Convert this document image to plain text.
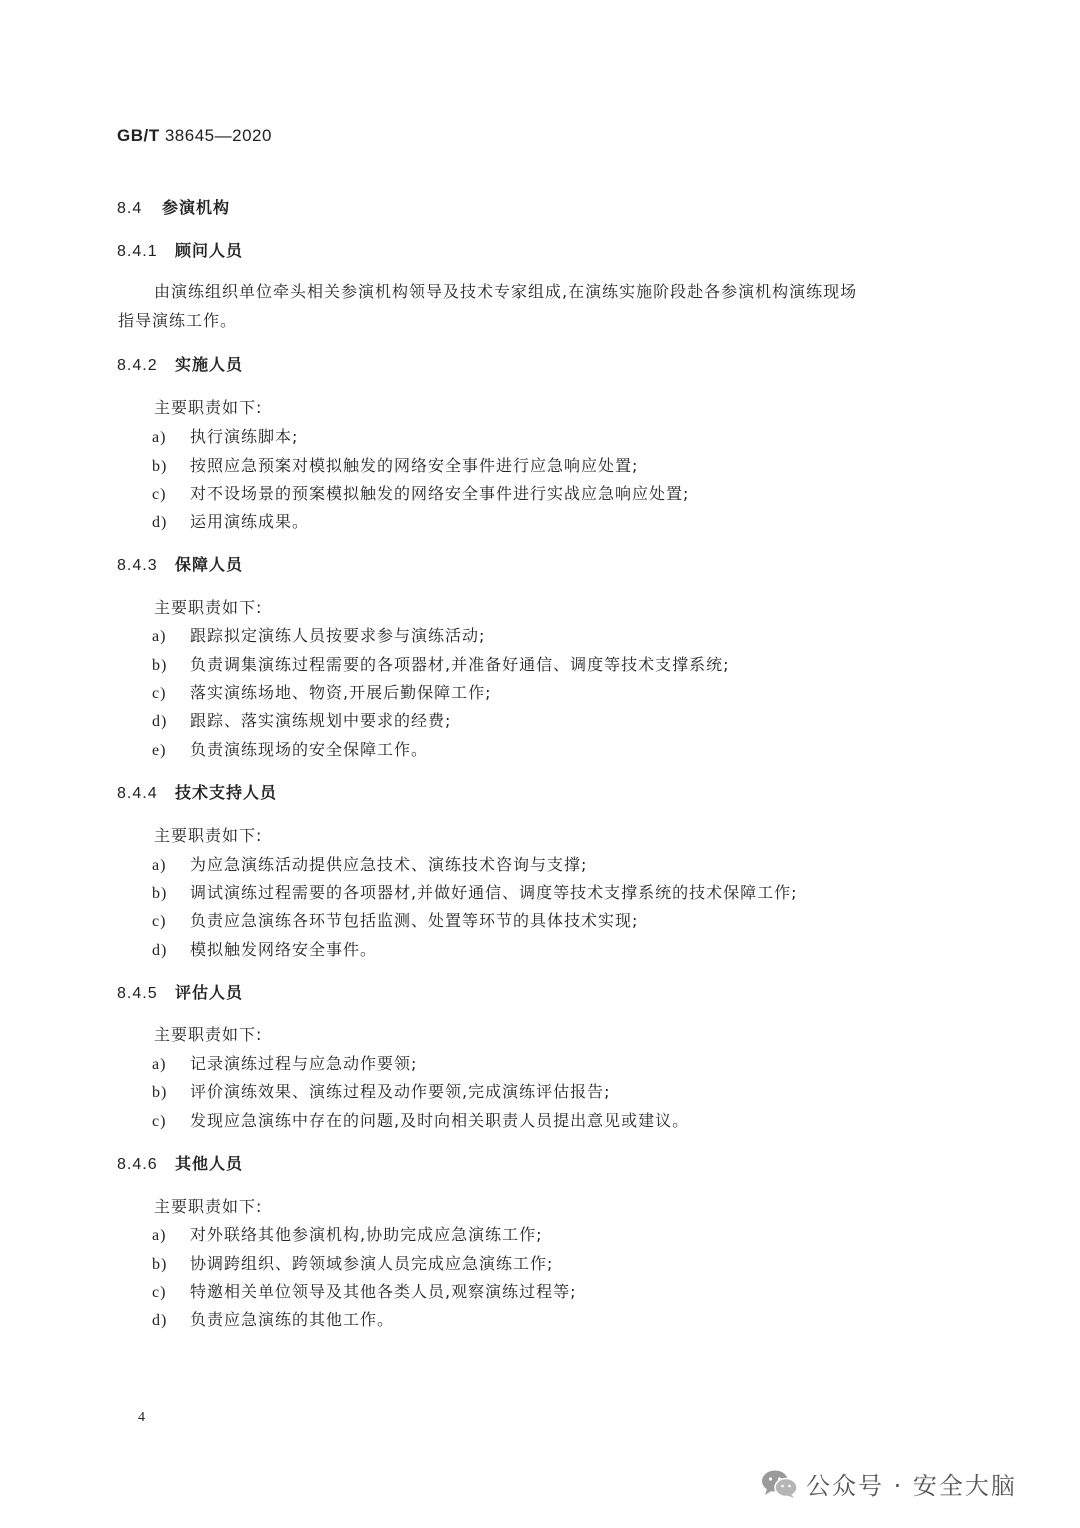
GB/T 38645—2020
8.4 参演机构
8.4.1 顾问人员
由演练组织单位牵头相关参演机构领导及技术专家组成,在演练实施阶段赴各参演机构演练现场
指导演练工作。
8.4.2 实施人员
主要职责如下:
a) 执行演练脚本;
b) 按照应急预案对模拟触发的网络安全事件进行应急响应处置;
c) 对不设场景的预案模拟触发的网络安全事件进行实战应急响应处置;
d) 运用演练成果。
8.4.3 保障人员
主要职责如下:
a) 跟踪拟定演练人员按要求参与演练活动;
b) 负责调集演练过程需要的各项器材,并准备好通信、调度等技术支撑系统;
c) 落实演练场地、物资,开展后勤保障工作;
d) 跟踪、落实演练规划中要求的经费;
e) 负责演练现场的安全保障工作。
8.4.4 技术支持人员
主要职责如下:
a) 为应急演练活动提供应急技术、演练技术咨询与支撑;
b) 调试演练过程需要的各项器材,并做好通信、调度等技术支撑系统的技术保障工作;
c) 负责应急演练各环节包括监测、处置等环节的具体技术实现;
d) 模拟触发网络安全事件。
8.4.5 评估人员
主要职责如下:
a) 记录演练过程与应急动作要领;
b) 评价演练效果、演练过程及动作要领,完成演练评估报告;
c) 发现应急演练中存在的问题,及时向相关职责人员提出意见或建议。
8.4.6 其他人员
主要职责如下:
a) 对外联络其他参演机构,协助完成应急演练工作;
b) 协调跨组织、跨领域参演人员完成应急演练工作;
c) 特邀相关单位领导及其他各类人员,观察演练过程等;
d) 负责应急演练的其他工作。
4
公众号 · 安全大脑
